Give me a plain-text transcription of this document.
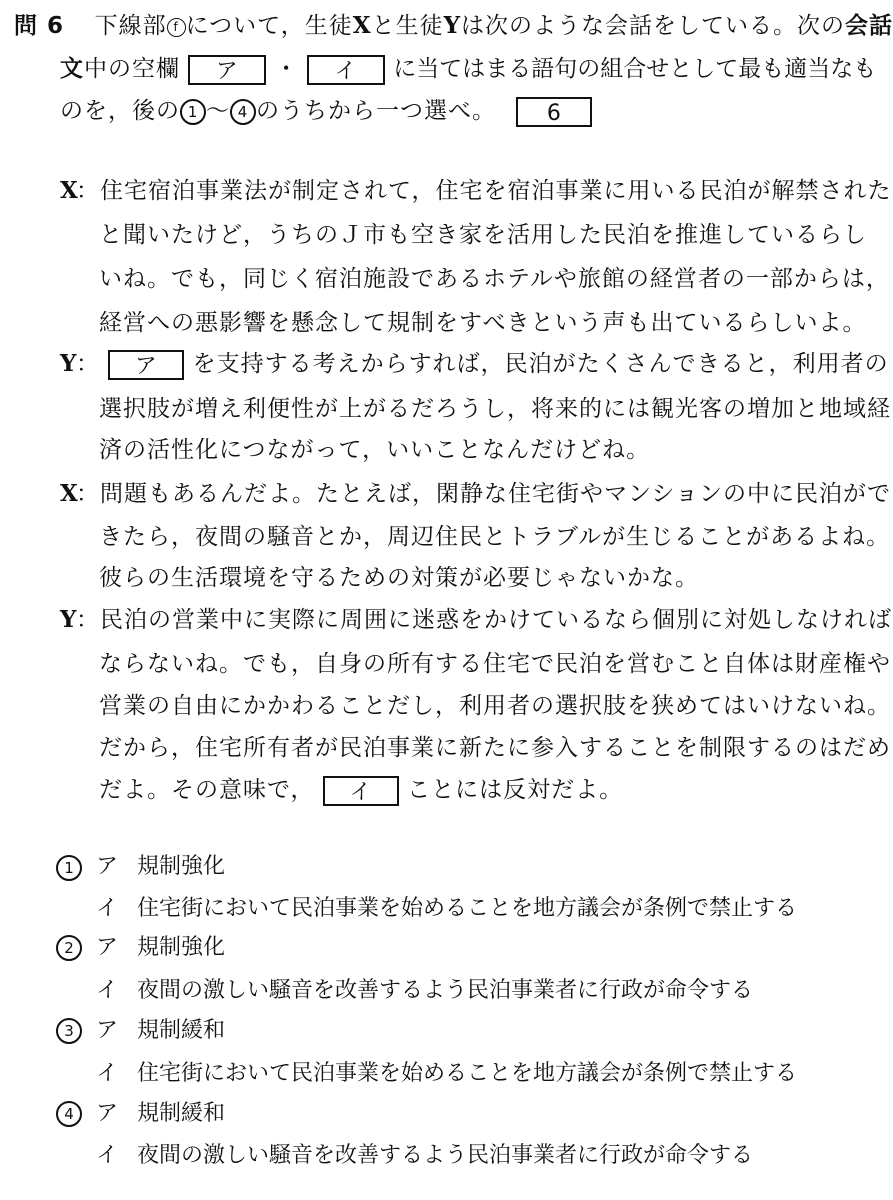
問 6 下線部 f について，生徒Xと生徒Yは次のような会話をしている。次の会話
文中の空欄 ア ・ イ に当てはまる語句の組合せとして最も適当なも
のを，後の 1 ～ 4 のうちから一つ選べ。 6
X：住宅宿泊事業法が制定されて，住宅を宿泊事業に用いる民泊が解禁された
と聞いたけど，うちのＪ市も空き家を活用した民泊を推進しているらし
いね。でも，同じく宿泊施設であるホテルや旅館の経営者の一部からは，
経営への悪影響を懸念して規制をすべきという声も出ているらしいよ。
Y： ア を支持する考えからすれば，民泊がたくさんできると，利用者の
選択肢が増え利便性が上がるだろうし，将来的には観光客の増加と地域経
済の活性化につながって，いいことなんだけどね。
X：問題もあるんだよ。たとえば，閑静な住宅街やマンションの中に民泊がで
きたら，夜間の騒音とか，周辺住民とトラブルが生じることがあるよね。
彼らの生活環境を守るための対策が必要じゃないかな。
Y：民泊の営業中に実際に周囲に迷惑をかけているなら個別に対処しなければ
ならないね。でも，自身の所有する住宅で民泊を営むこと自体は財産権や
営業の自由にかかわることだし，利用者の選択肢を狭めてはいけないね。
だから，住宅所有者が民泊事業に新たに参入することを制限するのはだめ
だよ。その意味で， イ ことには反対だよ。
1	ア 規制強化
イ 住宅街において民泊事業を始めることを地方議会が条例で禁止する
2	ア 規制強化
イ 夜間の激しい騒音を改善するよう民泊事業者に行政が命令する
3	ア 規制緩和
イ 住宅街において民泊事業を始めることを地方議会が条例で禁止する
4	ア 規制緩和
イ 夜間の激しい騒音を改善するよう民泊事業者に行政が命令する
